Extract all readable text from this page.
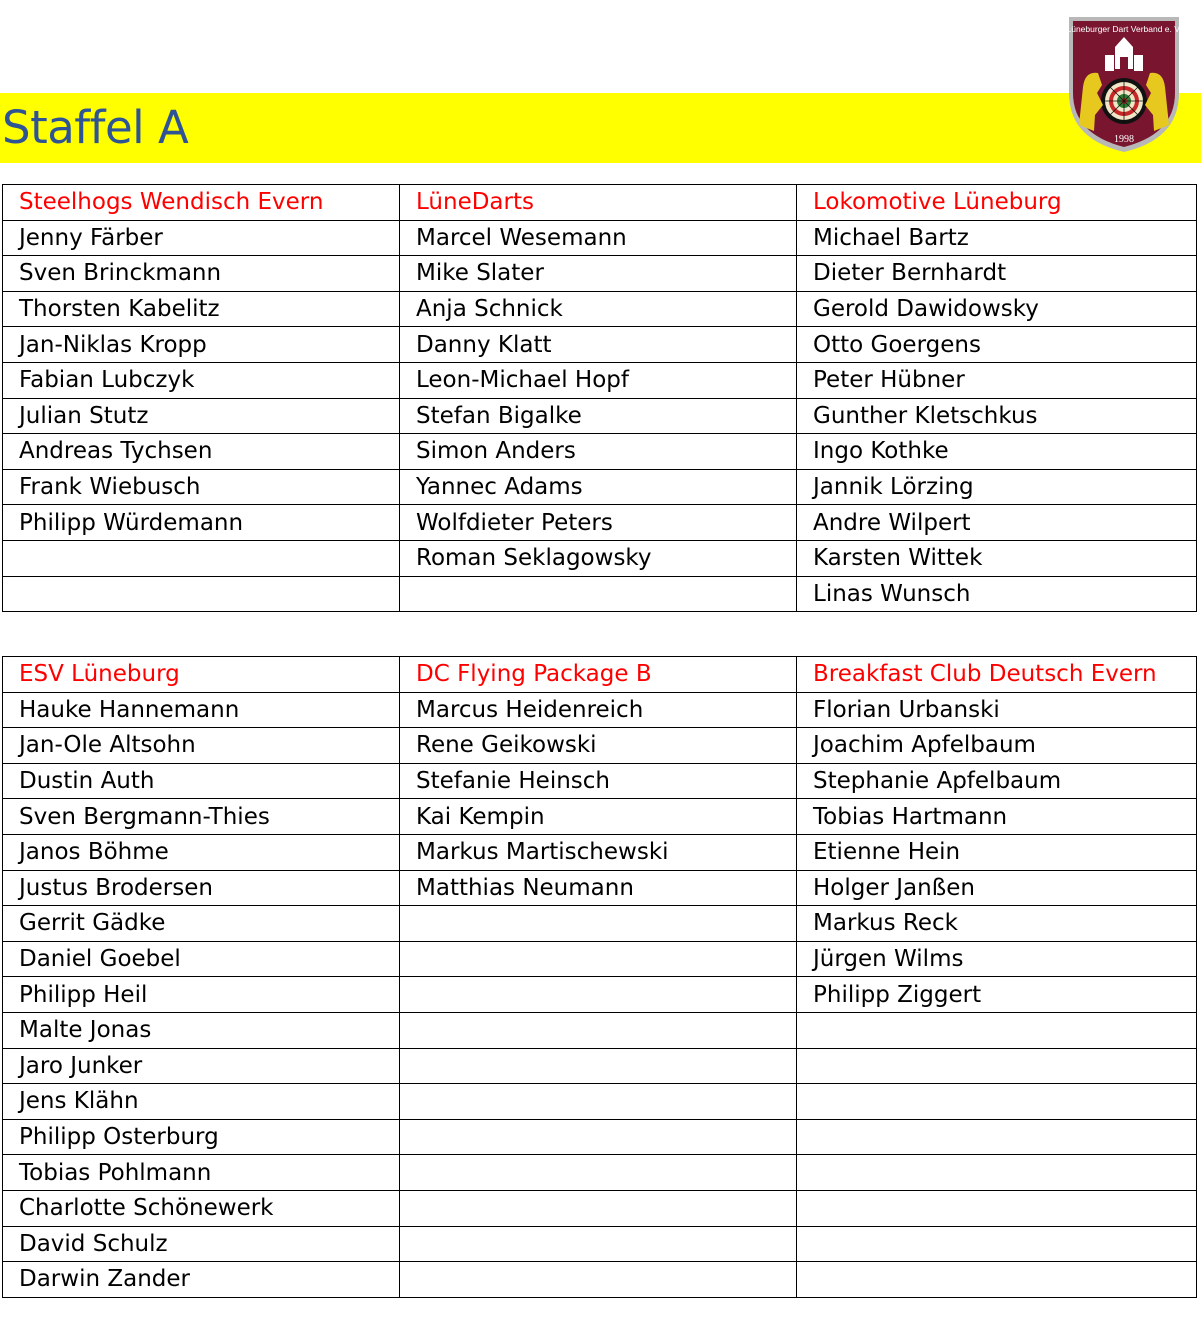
Staffel A
Lüneburger Dart Verband e. V.
1998
Steelhogs Wendisch Evern	LüneDarts	Lokomotive Lüneburg
Jenny Färber	Marcel Wesemann	Michael Bartz
Sven Brinckmann	Mike Slater	Dieter Bernhardt
Thorsten Kabelitz	Anja Schnick	Gerold Dawidowsky
Jan-Niklas Kropp	Danny Klatt	Otto Goergens
Fabian Lubczyk	Leon-Michael Hopf	Peter Hübner
Julian Stutz	Stefan Bigalke	Gunther Kletschkus
Andreas Tychsen	Simon Anders	Ingo Kothke
Frank Wiebusch	Yannec Adams	Jannik Lörzing
Philipp Würdemann	Wolfdieter Peters	Andre Wilpert
	Roman Seklagowsky	Karsten Wittek
		Linas Wunsch
ESV Lüneburg	DC Flying Package B	Breakfast Club Deutsch Evern
Hauke Hannemann	Marcus Heidenreich	Florian Urbanski
Jan-Ole Altsohn	Rene Geikowski	Joachim Apfelbaum
Dustin Auth	Stefanie Heinsch	Stephanie Apfelbaum
Sven Bergmann-Thies	Kai Kempin	Tobias Hartmann
Janos Böhme	Markus Martischewski	Etienne Hein
Justus Brodersen	Matthias Neumann	Holger Janßen
Gerrit Gädke		Markus Reck
Daniel Goebel		Jürgen Wilms
Philipp Heil		Philipp Ziggert
Malte Jonas		
Jaro Junker		
Jens Klähn		
Philipp Osterburg		
Tobias Pohlmann		
Charlotte Schönewerk		
David Schulz		
Darwin Zander		
